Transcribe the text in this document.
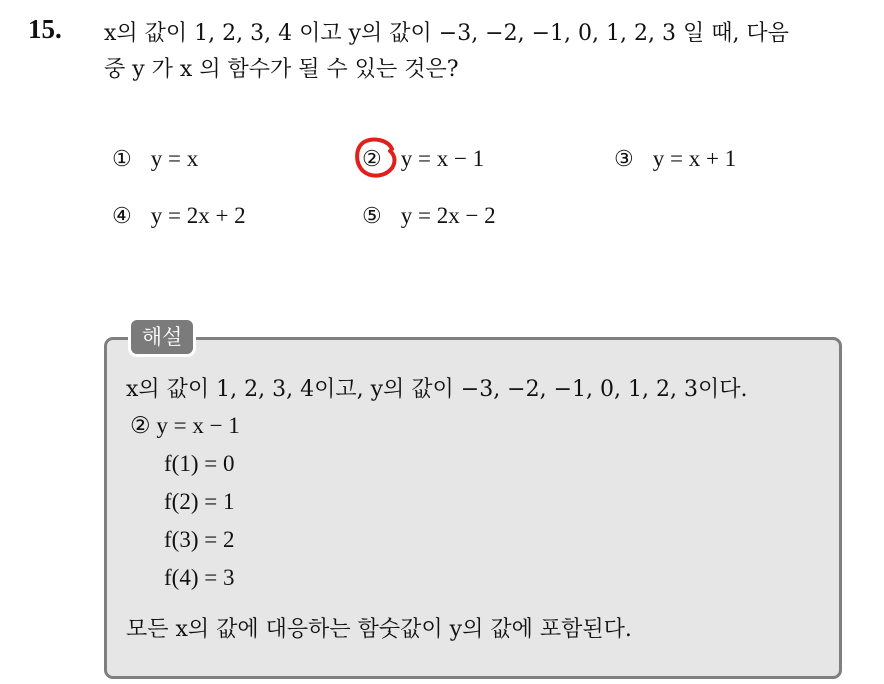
15. x의 값이 1, 2, 3, 4 이고 y의 값이 −3, −2, −1, 0, 1, 2, 3 일 때, 다음
중 y 가 x 의 함수가 될 수 있는 것은?
① y = x	② y = x − 1	③ y = x + 1
④ y = 2x + 2	⑤ y = 2x − 2
해설
x의 값이 1, 2, 3, 4이고, y의 값이 −3, −2, −1, 0, 1, 2, 3이다.
② y = x − 1
f(1) = 0
f(2) = 1
f(3) = 2
f(4) = 3
모든 x의 값에 대응하는 함숫값이 y의 값에 포함된다.
